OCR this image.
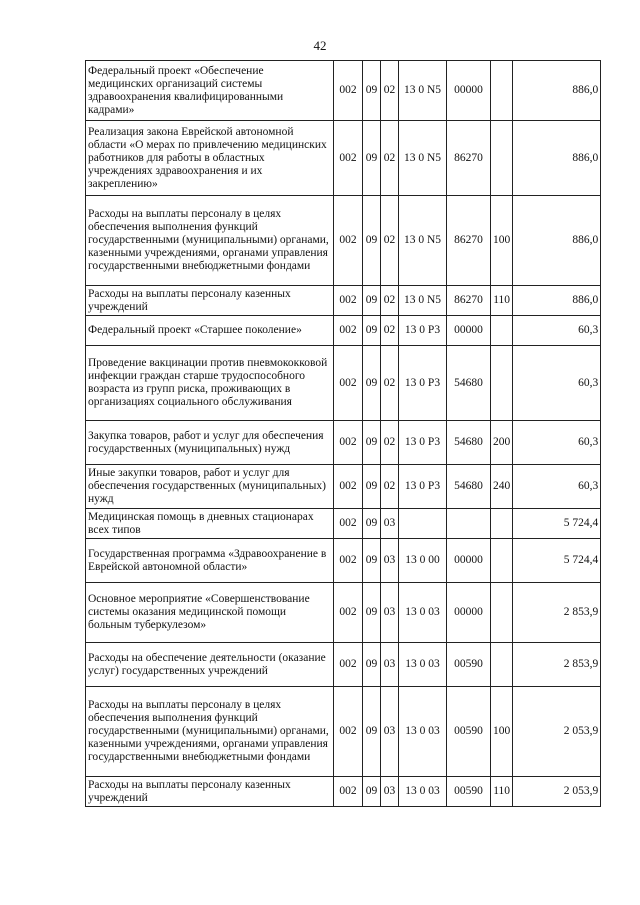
42
Федеральный проект «Обеспечение медицинских организаций системы здравоохранения квалифицированными кадрами»	002	09	02	13 0 N5	00000		886,0
Реализация закона Еврейской автономной области «О мерах по привлечению медицинских работников для работы в областных учреждениях здравоохранения и их закреплению»	002	09	02	13 0 N5	86270		886,0
Расходы на выплаты персоналу в целях обеспечения выполнения функций государственными (муниципальными) органами, казенными учреждениями, органами управления государственными внебюджетными фондами	002	09	02	13 0 N5	86270	100	886,0
Расходы на выплаты персоналу казенных учреждений	002	09	02	13 0 N5	86270	110	886,0
Федеральный проект «Старшее поколение»	002	09	02	13 0 P3	00000		60,3
Проведение вакцинации против пневмококковой инфекции граждан старше трудоспособного возраста из групп риска, проживающих в организациях социального обслуживания	002	09	02	13 0 P3	54680		60,3
Закупка товаров, работ и услуг для обеспечения государственных (муниципальных) нужд	002	09	02	13 0 P3	54680	200	60,3
Иные закупки товаров, работ и услуг для обеспечения государственных (муниципальных) нужд	002	09	02	13 0 P3	54680	240	60,3
Медицинская помощь в дневных стационарах всех типов	002	09	03				5 724,4
Государственная программа «Здравоохранение в Еврейской автономной области»	002	09	03	13 0 00	00000		5 724,4
Основное мероприятие «Совершенствование системы оказания медицинской помощи больным туберкулезом»	002	09	03	13 0 03	00000		2 853,9
Расходы на обеспечение деятельности (оказание услуг) государственных учреждений	002	09	03	13 0 03	00590		2 853,9
Расходы на выплаты персоналу в целях обеспечения выполнения функций государственными (муниципальными) органами, казенными учреждениями, органами управления государственными внебюджетными фондами	002	09	03	13 0 03	00590	100	2 053,9
Расходы на выплаты персоналу казенных учреждений	002	09	03	13 0 03	00590	110	2 053,9
